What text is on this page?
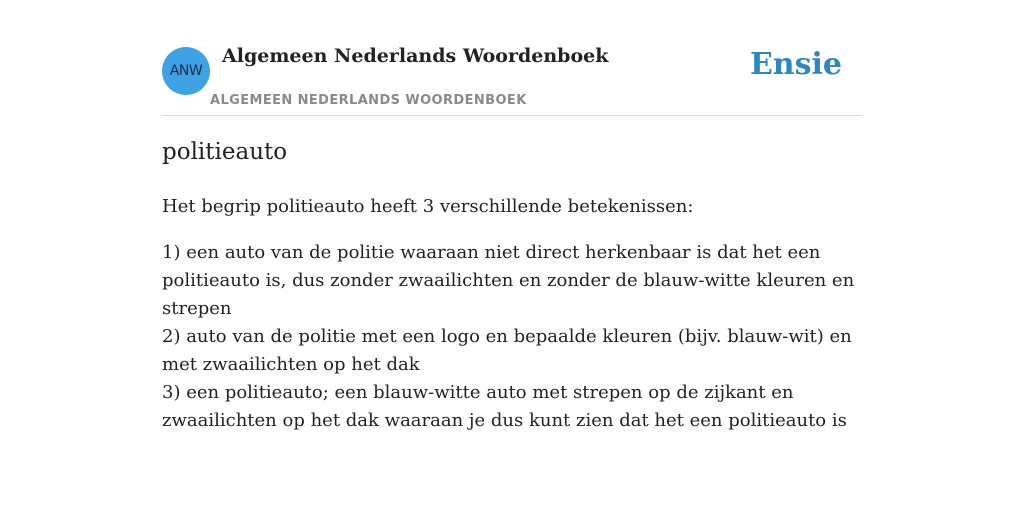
ANW
Algemeen Nederlands Woordenboek
ALGEMEEN NEDERLANDS WOORDENBOEK
Ensie
politieauto

Het begrip politieauto heeft 3 verschillende betekenissen:

1) een auto van de politie waaraan niet direct herkenbaar is dat het een politieauto is, dus zonder zwaailichten en zonder de blauw-witte kleuren en strepen
2) auto van de politie met een logo en bepaalde kleuren (bijv. blauw-wit) en met zwaailichten op het dak
3) een politieauto; een blauw-witte auto met strepen op de zijkant en zwaailichten op het dak waaraan je dus kunt zien dat het een politieauto is
